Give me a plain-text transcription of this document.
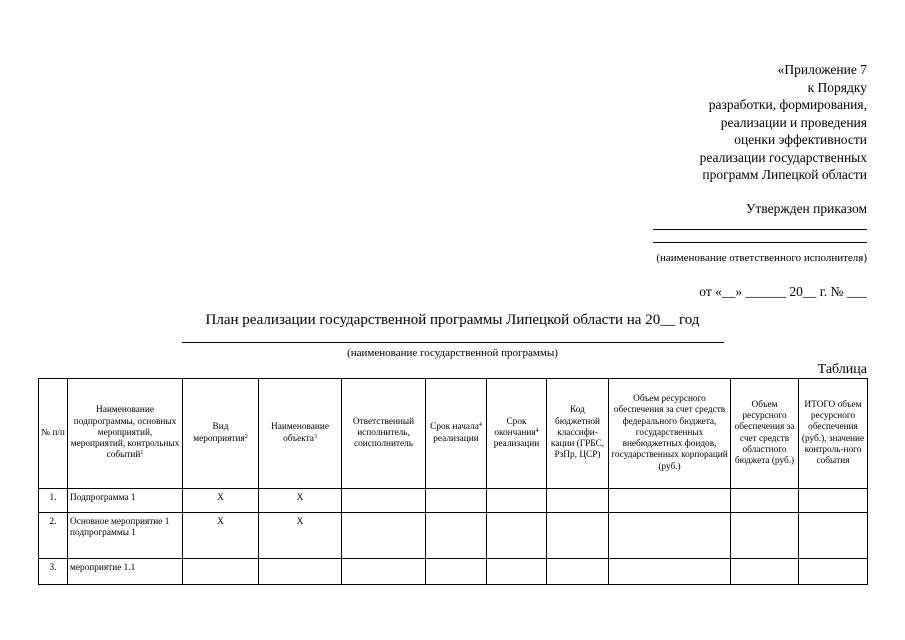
«Приложение 7
к Порядку
разработки, формирования,
реализации и проведения
оценки эффективности
реализации государственных
программ Липецкой области
Утвержден приказом
(наименование ответственного исполнителя)
от «__» ______ 20__ г. № ___
План реализации государственной программы Липецкой области на 20__ год
(наименование государственной программы)
Таблица
№ п/п	Наименование подпрограммы, основных мероприятий, мероприятий, контрольных событий$^1$	Вид мероприятия$^2$	Наименование объекта$^3$	Ответственный исполнитель, соисполнитель	Срок начала$^4$ реализации	Срок окончания$^4$ реализации	Код бюджетной классифи-кации (ГРБС, РзПр, ЦСР)	Объем ресурсного обеспечения за счет средств федерального бюджета, государственных внебюджетных фондов, государственных корпораций (руб.)	Объем ресурсного обеспечения за счет средств областного бюджета (руб.)	ИТОГО объем ресурсного обеспечения (руб.), значение контроль-ного события
1.	Подпрограмма 1	X	X							
2.	Основное мероприятие 1 подпрограммы 1	X	X							
3.	мероприятие 1.1									
